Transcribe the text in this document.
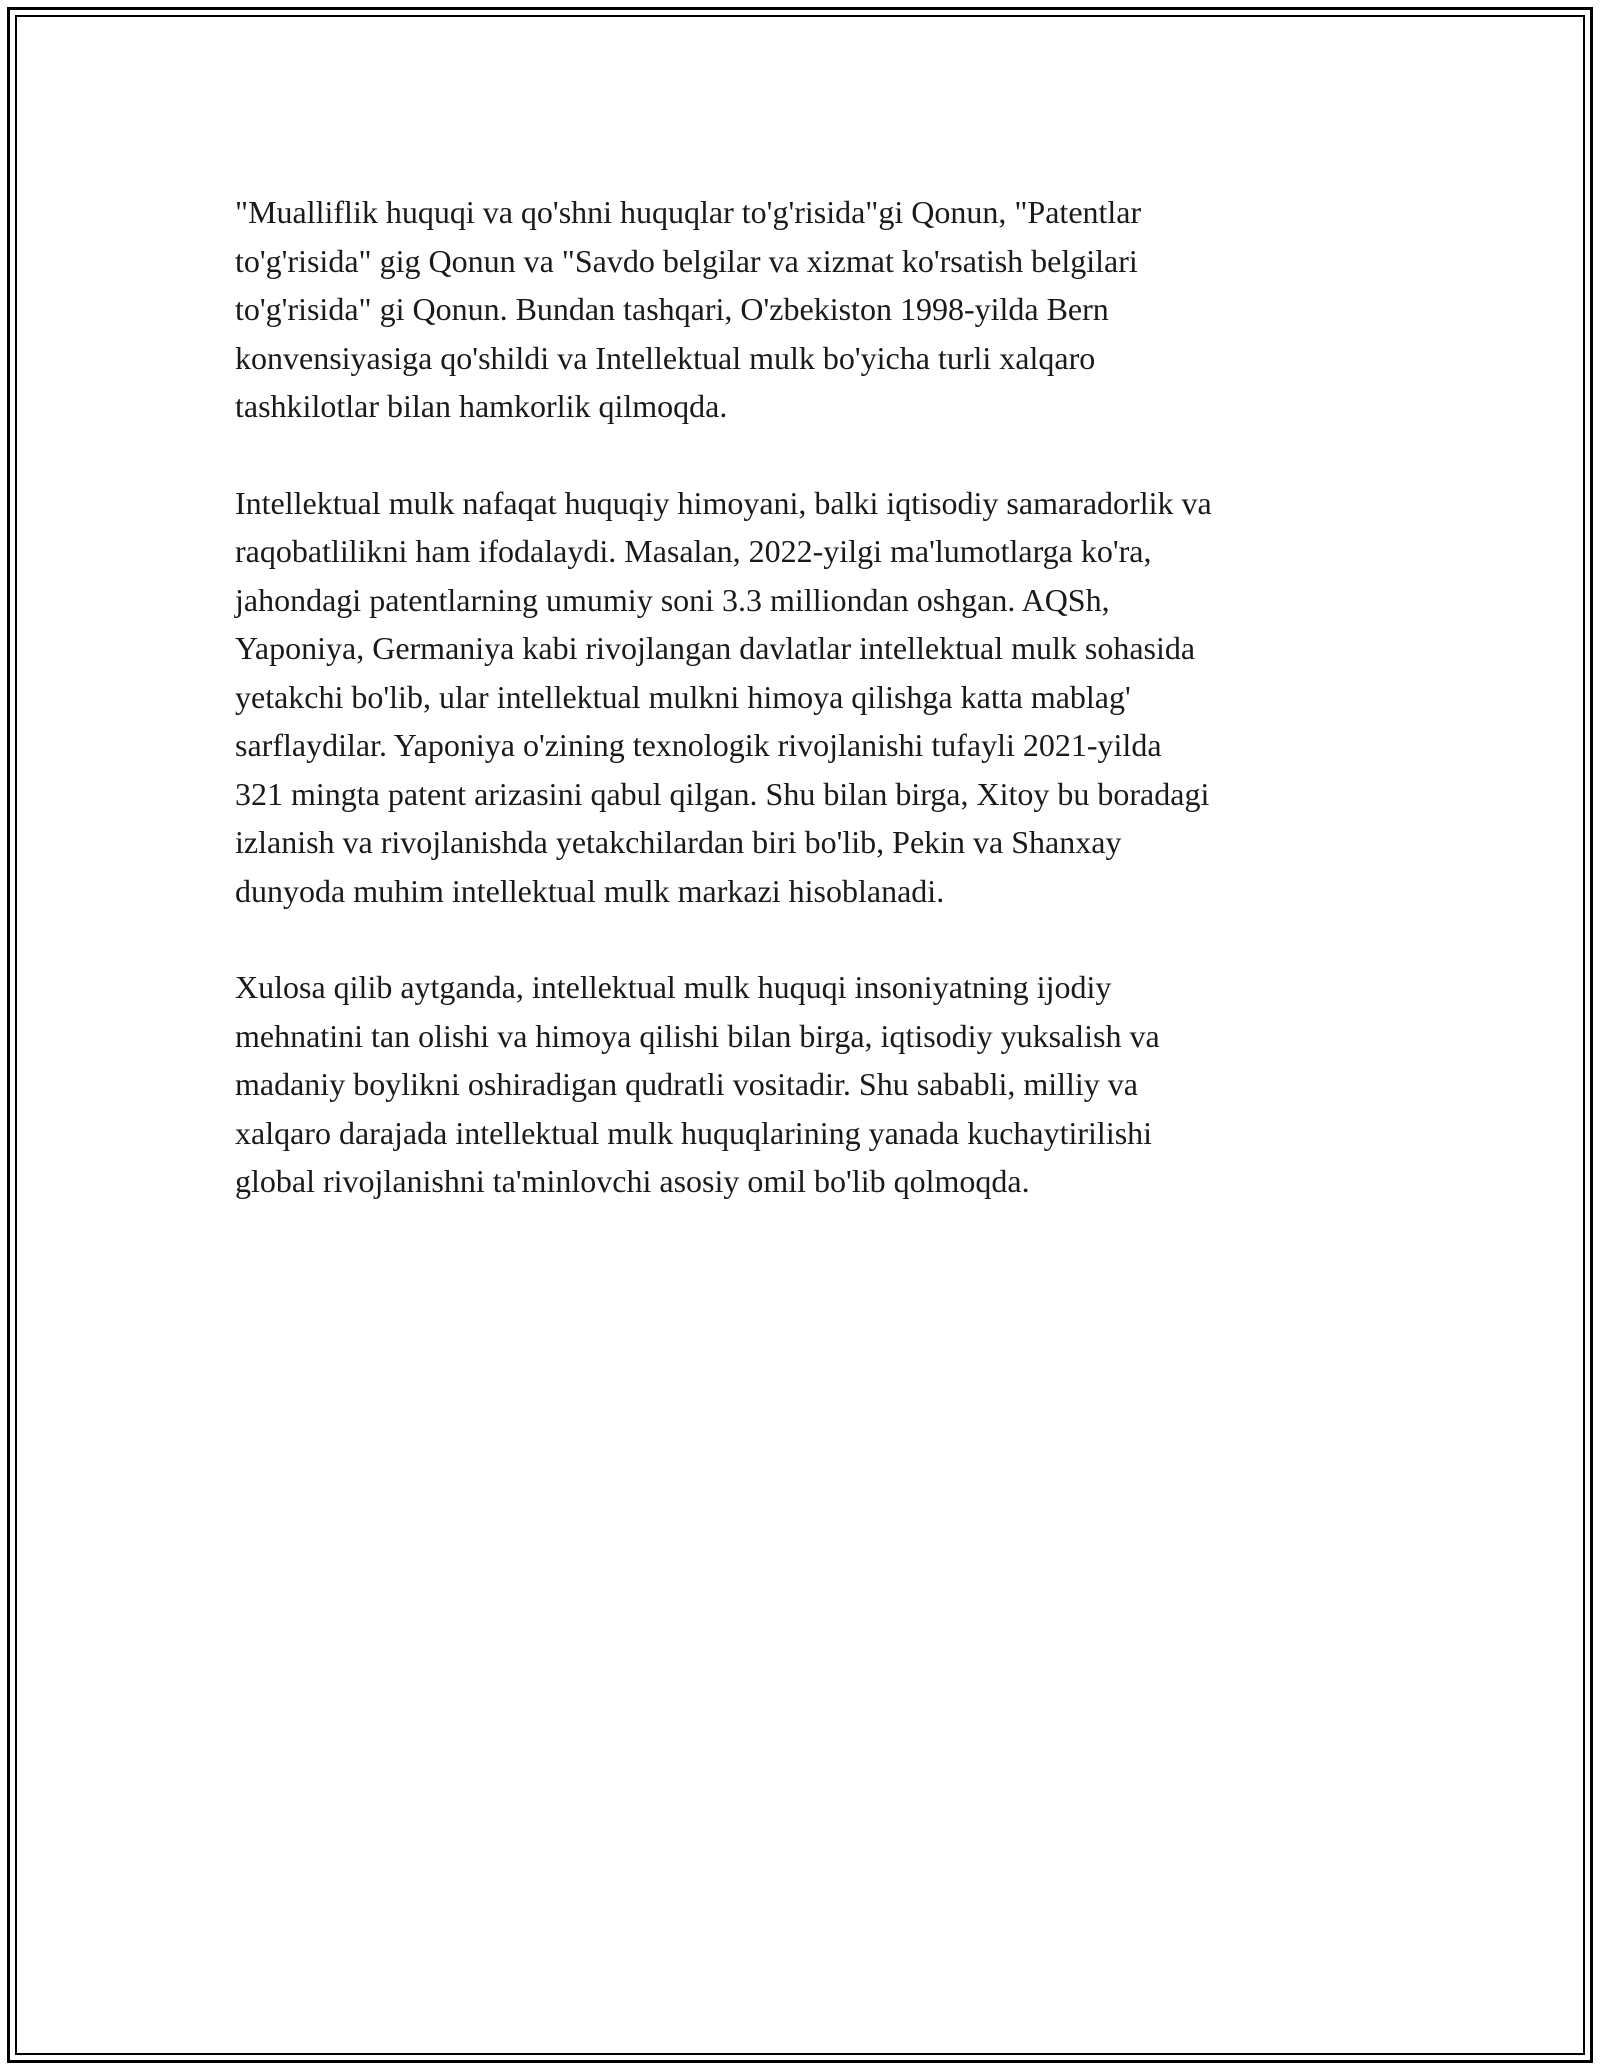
"Mualliflik huquqi va qo'shni huquqlar to'g'risida"gi Qonun, "Patentlar
to'g'risida" gig Qonun va "Savdo belgilar va xizmat ko'rsatish belgilari
to'g'risida" gi Qonun. Bundan tashqari, O'zbekiston 1998-yilda Bern
konvensiyasiga qo'shildi va Intellektual mulk bo'yicha turli xalqaro
tashkilotlar bilan hamkorlik qilmoqda.

Intellektual mulk nafaqat huquqiy himoyani, balki iqtisodiy samaradorlik va
raqobatlilikni ham ifodalaydi. Masalan, 2022-yilgi ma'lumotlarga ko'ra,
jahondagi patentlarning umumiy soni 3.3 milliondan oshgan. AQSh,
Yaponiya, Germaniya kabi rivojlangan davlatlar intellektual mulk sohasida
yetakchi bo'lib, ular intellektual mulkni himoya qilishga katta mablag'
sarflaydilar. Yaponiya o'zining texnologik rivojlanishi tufayli 2021-yilda
321 mingta patent arizasini qabul qilgan. Shu bilan birga, Xitoy bu boradagi
izlanish va rivojlanishda yetakchilardan biri bo'lib, Pekin va Shanxay
dunyoda muhim intellektual mulk markazi hisoblanadi.

Xulosa qilib aytganda, intellektual mulk huquqi insoniyatning ijodiy
mehnatini tan olishi va himoya qilishi bilan birga, iqtisodiy yuksalish va
madaniy boylikni oshiradigan qudratli vositadir. Shu sababli, milliy va
xalqaro darajada intellektual mulk huquqlarining yanada kuchaytirilishi
global rivojlanishni ta'minlovchi asosiy omil bo'lib qolmoqda.
